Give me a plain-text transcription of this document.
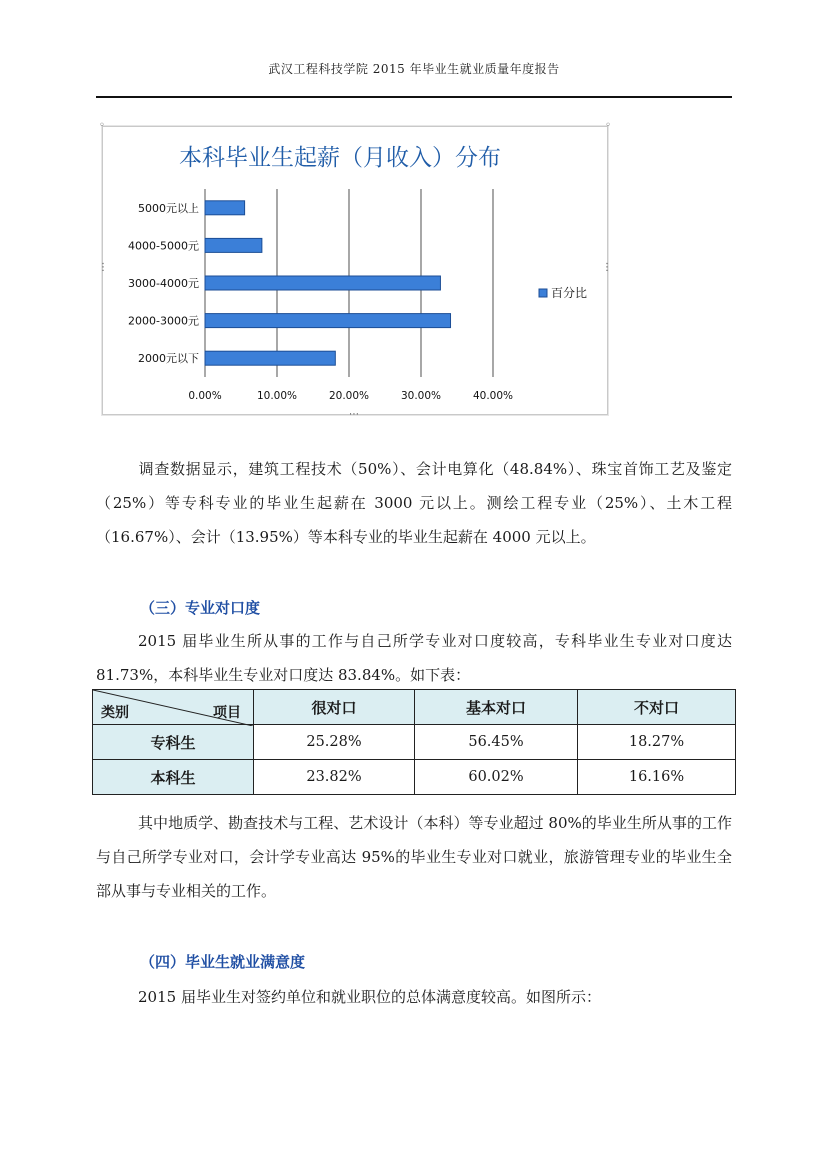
武汉工程科技学院 2015 年毕业生就业质量年度报告
◦	◦
⋮	⋮
⋯
本科毕业生起薪（月收入）分布
5000元以上
4000-5000元
3000-4000元
2000-3000元
2000元以下
0.00%	10.00%	20.00%	30.00%	40.00%
百分比

调查数据显示，建筑工程技术（50%）、会计电算化（48.84%）、珠宝首饰工艺及鉴定（25%）等专科专业的毕业生起薪在 3000 元以上。测绘工程专业（25%）、土木工程（16.67%）、会计（13.95%）等本科专业的毕业生起薪在 4000 元以上。

（三）专业对口度

2015 届毕业生所从事的工作与自己所学专业对口度较高，专科毕业生专业对口度达 81.73%，本科毕业生专业对口度达 83.84%。如下表：

类别 项目	很对口	基本对口	不对口
专科生	25.28%	56.45%	18.27%
本科生	23.82%	60.02%	16.16%

其中地质学、勘查技术与工程、艺术设计（本科）等专业超过 80%的毕业生所从事的工作与自己所学专业对口，会计学专业高达 95%的毕业生专业对口就业，旅游管理专业的毕业生全部从事与专业相关的工作。

（四）毕业生就业满意度

2015 届毕业生对签约单位和就业职位的总体满意度较高。如图所示：
